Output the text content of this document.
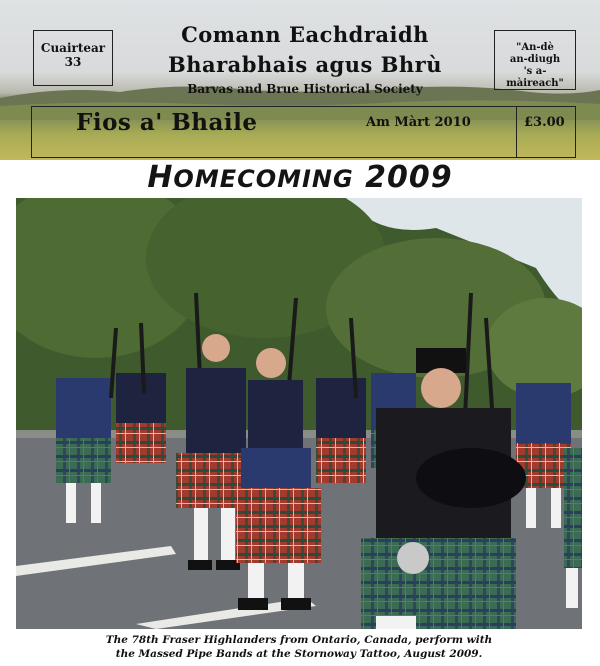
Cuairtear
33
Comann Eachdraidh
Bharabhais agus Bhrù
Barvas and Brue Historical Society
"An-dè
an-diugh
's a-màireach"
Fios a' Bhaile	Am Màrt 2010	£3.00
HOMECOMING 2009
The 78th Fraser Highlanders from Ontario, Canada, perform with
the Massed Pipe Bands at the Stornoway Tattoo, August 2009.
